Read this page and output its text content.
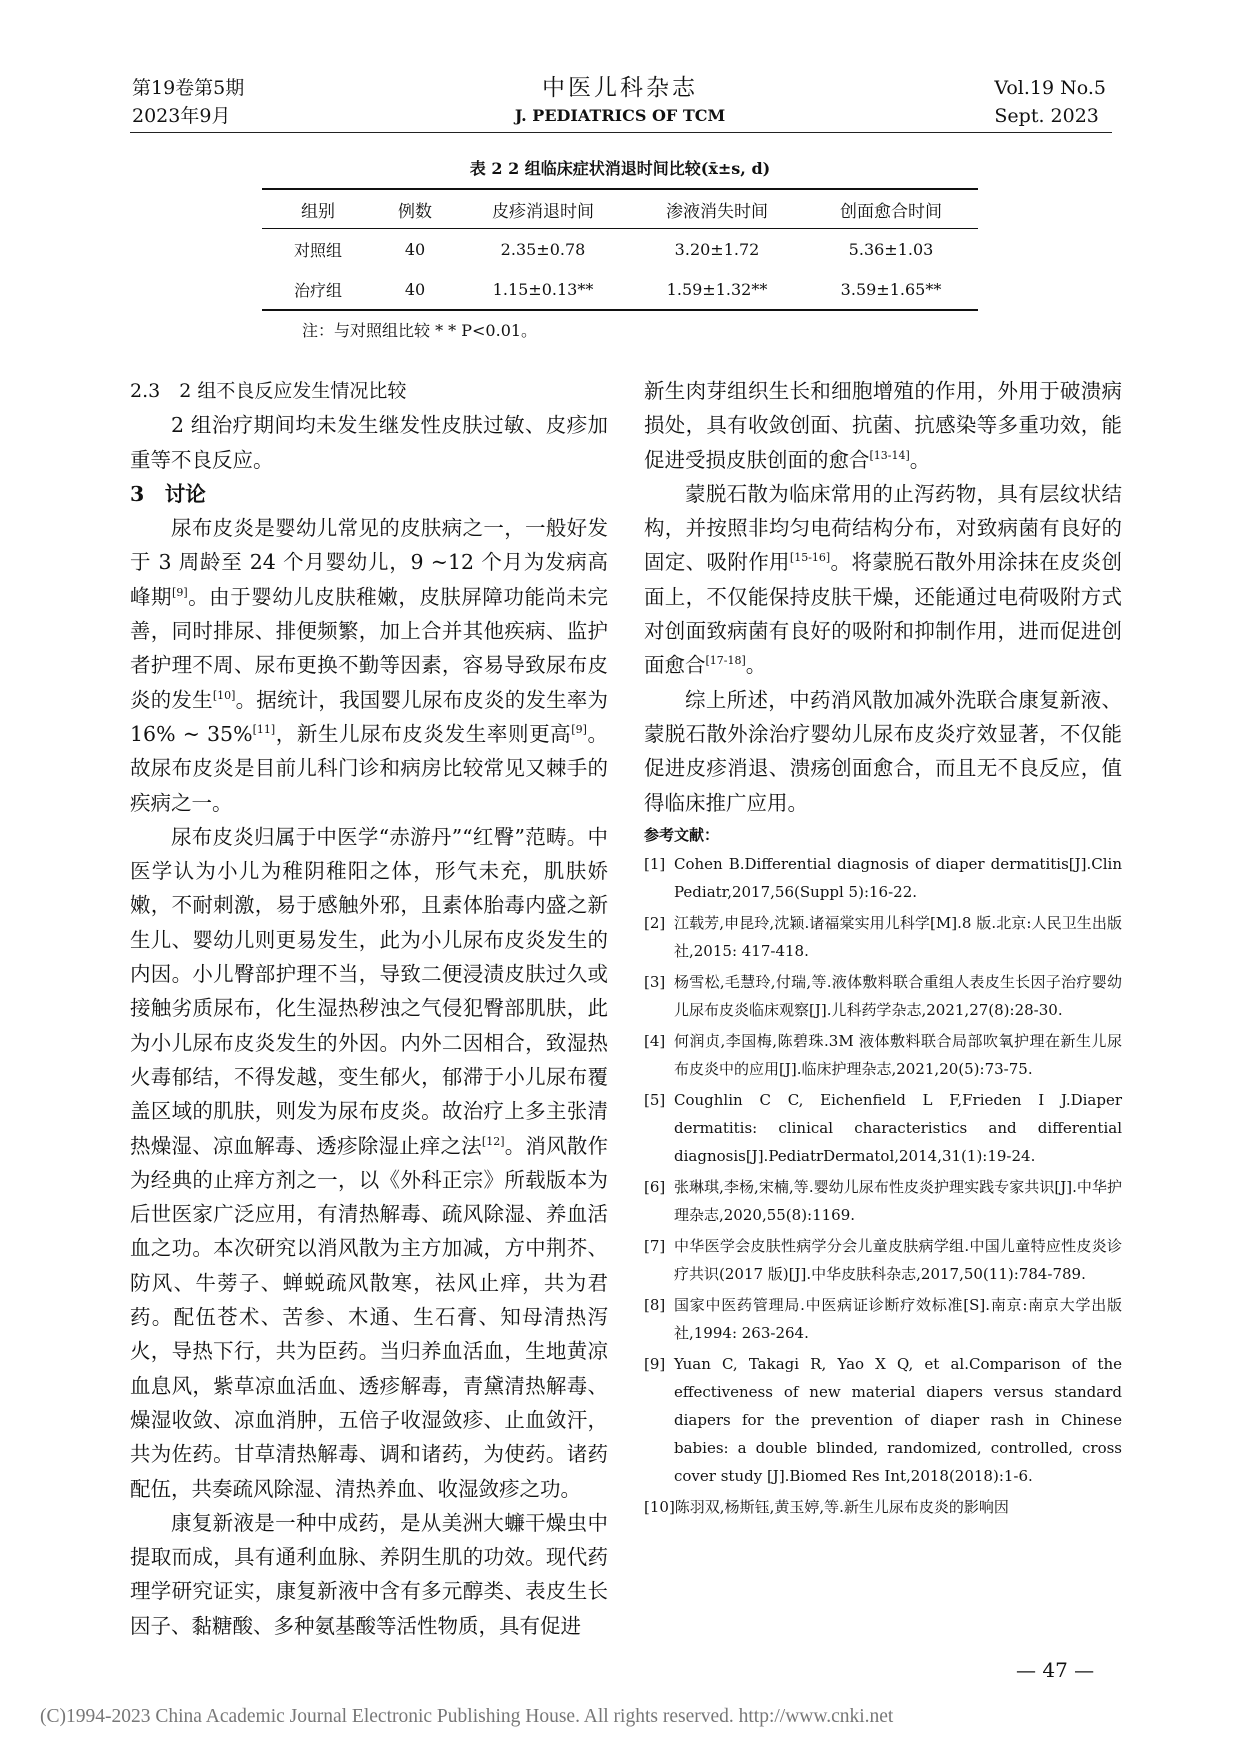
第19卷第5期
2023年9月
中医儿科杂志
J. PEDIATRICS OF TCM
Vol.19 No.5
Sept. 2023
表 2 2 组临床症状消退时间比较(x̄±s, d)
组别	例数	皮疹消退时间	渗液消失时间	创面愈合时间
对照组	40	2.35±0.78	3.20±1.72	5.36±1.03
治疗组	40	1.15±0.13**	1.59±1.32**	3.59±1.65**
注：与对照组比较 * * P<0.01。
2.3　2 组不良反应发生情况比较

2 组治疗期间均未发生继发性皮肤过敏、皮疹加重等不良反应。

3　讨论

尿布皮炎是婴幼儿常见的皮肤病之一，一般好发于 3 周龄至 24 个月婴幼儿，9 ~12 个月为发病高峰期[9]。由于婴幼儿皮肤稚嫩，皮肤屏障功能尚未完善，同时排尿、排便频繁，加上合并其他疾病、监护者护理不周、尿布更换不勤等因素，容易导致尿布皮炎的发生[10]。据统计，我国婴儿尿布皮炎的发生率为 16% ~ 35%[11]，新生儿尿布皮炎发生率则更高[9]。故尿布皮炎是目前儿科门诊和病房比较常见又棘手的疾病之一。

尿布皮炎归属于中医学“赤游丹”“红臀”范畴。中医学认为小儿为稚阴稚阳之体，形气未充，肌肤娇嫩，不耐刺激，易于感触外邪，且素体胎毒内盛之新生儿、婴幼儿则更易发生，此为小儿尿布皮炎发生的内因。小儿臀部护理不当，导致二便浸渍皮肤过久或接触劣质尿布，化生湿热秽浊之气侵犯臀部肌肤，此为小儿尿布皮炎发生的外因。内外二因相合，致湿热火毒郁结，不得发越，变生郁火，郁滞于小儿尿布覆盖区域的肌肤，则发为尿布皮炎。故治疗上多主张清热燥湿、凉血解毒、透疹除湿止痒之法[12]。消风散作为经典的止痒方剂之一，以《外科正宗》所载版本为后世医家广泛应用，有清热解毒、疏风除湿、养血活血之功。本次研究以消风散为主方加减，方中荆芥、防风、牛蒡子、蝉蜕疏风散寒，祛风止痒，共为君药。配伍苍术、苦参、木通、生石膏、知母清热泻火，导热下行，共为臣药。当归养血活血，生地黄凉血息风，紫草凉血活血、透疹解毒，青黛清热解毒、燥湿收敛、凉血消肿，五倍子收湿敛疹、止血敛汗，共为佐药。甘草清热解毒、调和诸药，为使药。诸药配伍，共奏疏风除湿、清热养血、收湿敛疹之功。

康复新液是一种中成药，是从美洲大蠊干燥虫中提取而成，具有通利血脉、养阴生肌的功效。现代药理学研究证实，康复新液中含有多元醇类、表皮生长因子、黏糖酸、多种氨基酸等活性物质，具有促进

新生肉芽组织生长和细胞增殖的作用，外用于破溃病损处，具有收敛创面、抗菌、抗感染等多重功效，能促进受损皮肤创面的愈合[13-14]。

蒙脱石散为临床常用的止泻药物，具有层纹状结构，并按照非均匀电荷结构分布，对致病菌有良好的固定、吸附作用[15-16]。将蒙脱石散外用涂抹在皮炎创面上，不仅能保持皮肤干燥，还能通过电荷吸附方式对创面致病菌有良好的吸附和抑制作用，进而促进创面愈合[17-18]。

综上所述，中药消风散加减外洗联合康复新液、蒙脱石散外涂治疗婴幼儿尿布皮炎疗效显著，不仅能促进皮疹消退、溃疡创面愈合，而且无不良反应，值得临床推广应用。

参考文献：
[1] Cohen B.Differential diagnosis of diaper dermatitis[J].Clin Pediatr,2017,56(Suppl 5):16-22.
[2] 江载芳,申昆玲,沈颖.诸福棠实用儿科学[M].8 版.北京:人民卫生出版社,2015: 417-418.
[3] 杨雪松,毛慧玲,付瑞,等.液体敷料联合重组人表皮生长因子治疗婴幼儿尿布皮炎临床观察[J].儿科药学杂志,2021,27(8):28-30.
[4] 何润贞,李国梅,陈碧珠.3M 液体敷料联合局部吹氧护理在新生儿尿布皮炎中的应用[J].临床护理杂志,2021,20(5):73-75.
[5] Coughlin C C, Eichenfield L F,Frieden I J.Diaper dermatitis: clinical characteristics and differential diagnosis[J].PediatrDermatol,2014,31(1):19-24.
[6] 张琳琪,李杨,宋楠,等.婴幼儿尿布性皮炎护理实践专家共识[J].中华护理杂志,2020,55(8):1169.
[7] 中华医学会皮肤性病学分会儿童皮肤病学组.中国儿童特应性皮炎诊疗共识(2017 版)[J].中华皮肤科杂志,2017,50(11):784-789.
[8] 国家中医药管理局.中医病证诊断疗效标准[S].南京:南京大学出版社,1994: 263-264.
[9] Yuan C, Takagi R, Yao X Q, et al.Comparison of the effectiveness of new material diapers versus standard diapers for the prevention of diaper rash in Chinese babies: a double blinded, randomized, controlled, cross cover study [J].Biomed Res Int,2018(2018):1-6.
[10] 陈羽双,杨斯钰,黄玉婷,等.新生儿尿布皮炎的影响因
— 47 —
(C)1994-2023 China Academic Journal Electronic Publishing House. All rights reserved. http://www.cnki.net
